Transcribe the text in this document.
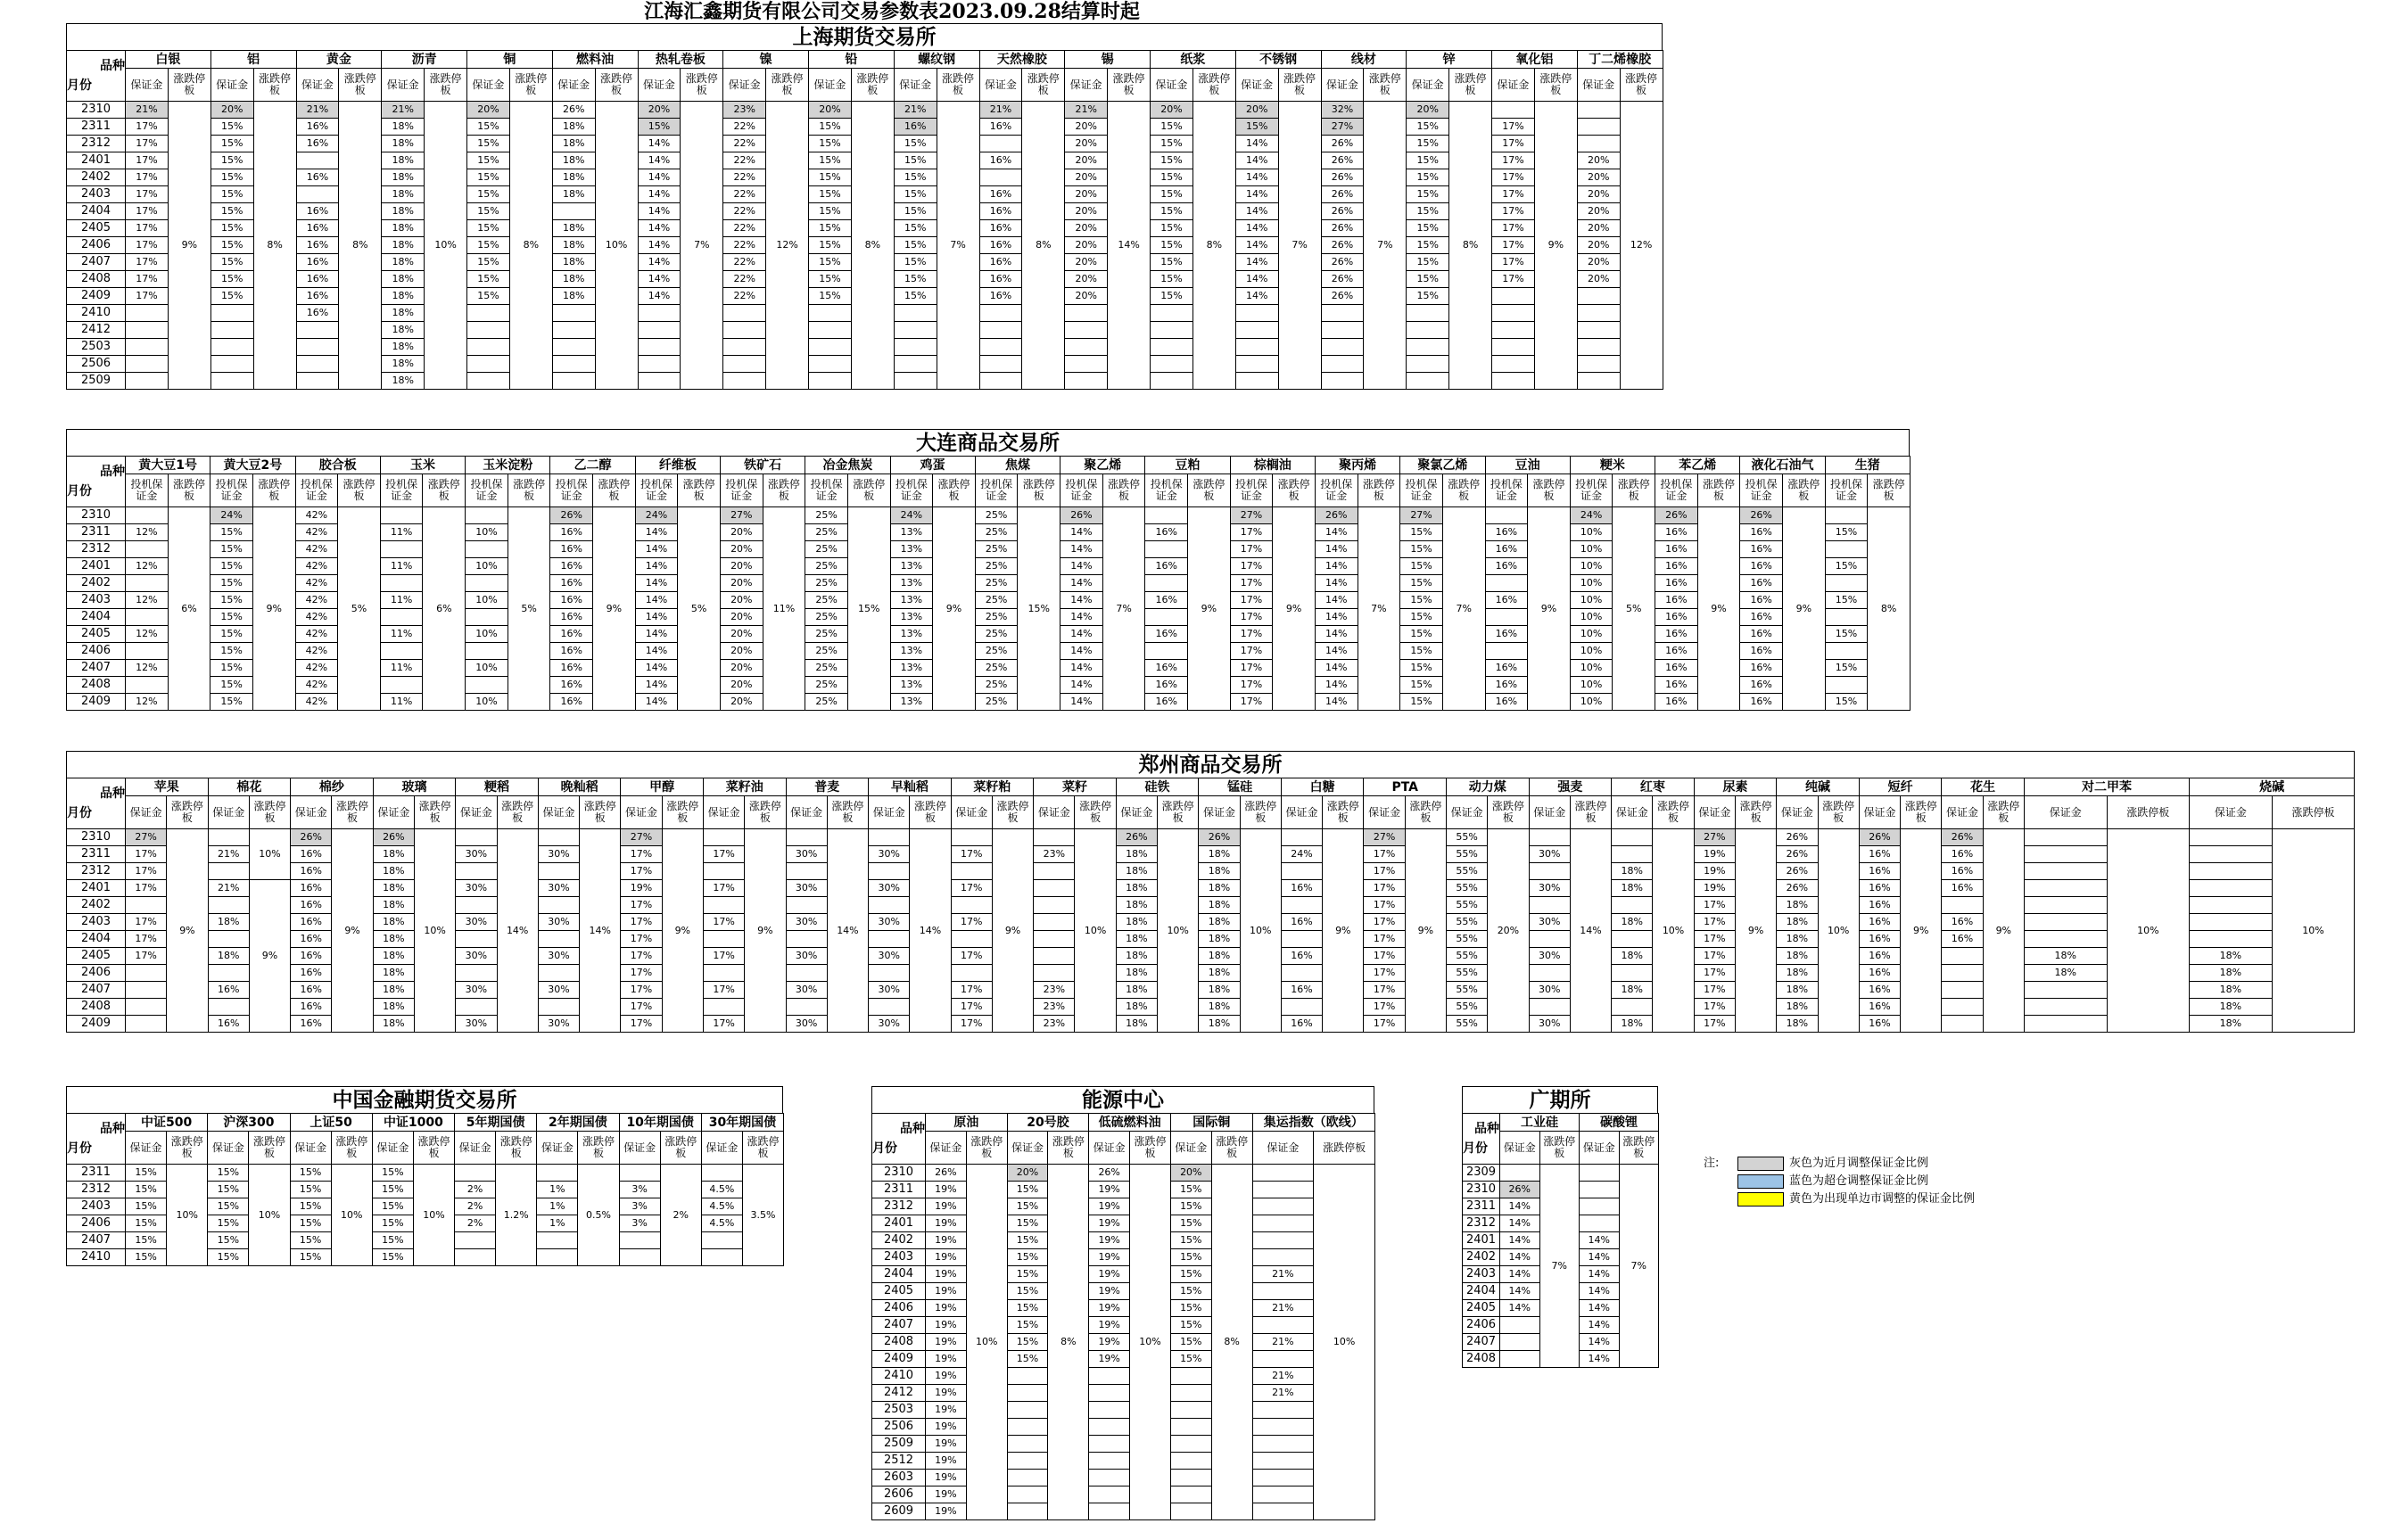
江海汇鑫期货有限公司交易参数表2023.09.28结算时起
注:	灰色为近月调整保证金比例
蓝色为超仓调整保证金比例
黄色为出现单边市调整的保证金比例
上海期货交易所
品种
月份	白银		铝		黄金		沥青		铜		燃料油		热轧卷板		镍		铅		螺纹钢		天然橡胶		锡		纸浆		不锈钢		线材		锌		氧化铝		丁二烯橡胶	
	保证金	涨跌停板	保证金	涨跌停板	保证金	涨跌停板	保证金	涨跌停板	保证金	涨跌停板	保证金	涨跌停板	保证金	涨跌停板	保证金	涨跌停板	保证金	涨跌停板	保证金	涨跌停板	保证金	涨跌停板	保证金	涨跌停板	保证金	涨跌停板	保证金	涨跌停板	保证金	涨跌停板	保证金	涨跌停板	保证金	涨跌停板	保证金	涨跌停板
2310	21%	9%	20%	8%	21%	8%	21%	10%	20%	8%	26%	10%	20%	7%	23%	12%	20%	8%	21%	7%	21%	8%	21%	14%	20%	8%	20%	7%	32%	7%	20%	8%		9%		12%
2311	17%		15%		16%		18%		15%		18%		15%		22%		15%		16%		16%		20%		15%		15%		27%		15%		17%			
2312	17%		15%		16%		18%		15%		18%		14%		22%		15%		15%				20%		15%		14%		26%		15%		17%			
2401	17%		15%				18%		15%		18%		14%		22%		15%		15%		16%		20%		15%		14%		26%		15%		17%		20%	
2402	17%		15%		16%		18%		15%		18%		14%		22%		15%		15%				20%		15%		14%		26%		15%		17%		20%	
2403	17%		15%				18%		15%		18%		14%		22%		15%		15%		16%		20%		15%		14%		26%		15%		17%		20%	
2404	17%		15%		16%		18%		15%				14%		22%		15%		15%		16%		20%		15%		14%		26%		15%		17%		20%	
2405	17%		15%		16%		18%		15%		18%		14%		22%		15%		15%		16%		20%		15%		14%		26%		15%		17%		20%	
2406	17%		15%		16%		18%		15%		18%		14%		22%		15%		15%		16%		20%		15%		14%		26%		15%		17%		20%	
2407	17%		15%		16%		18%		15%		18%		14%		22%		15%		15%		16%		20%		15%		14%		26%		15%		17%		20%	
2408	17%		15%		16%		18%		15%		18%		14%		22%		15%		15%		16%		20%		15%		14%		26%		15%		17%		20%	
2409	17%		15%		16%		18%		15%		18%		14%		22%		15%		15%		16%		20%		15%		14%		26%		15%					
2410					16%		18%																													
2412							18%																													
2503							18%																													
2506							18%																													
2509							18%																													
大连商品交易所
品种
月份	黄大豆1号		黄大豆2号		胶合板		玉米		玉米淀粉		乙二醇		纤维板		铁矿石		冶金焦炭		鸡蛋		焦煤		聚乙烯		豆粕		棕榈油		聚丙烯		聚氯乙烯		豆油		粳米		苯乙烯		液化石油气		生猪	
	投机保证金	涨跌停板	投机保证金	涨跌停板	投机保证金	涨跌停板	投机保证金	涨跌停板	投机保证金	涨跌停板	投机保证金	涨跌停板	投机保证金	涨跌停板	投机保证金	涨跌停板	投机保证金	涨跌停板	投机保证金	涨跌停板	投机保证金	涨跌停板	投机保证金	涨跌停板	投机保证金	涨跌停板	投机保证金	涨跌停板	投机保证金	涨跌停板	投机保证金	涨跌停板	投机保证金	涨跌停板	投机保证金	涨跌停板	投机保证金	涨跌停板	投机保证金	涨跌停板	投机保证金	涨跌停板
2310		6%	24%	9%	42%	5%		6%		5%	26%	9%	24%	5%	27%	11%	25%	15%	24%	9%	25%	15%	26%	7%		9%	27%	9%	26%	7%	27%	7%		9%	24%	5%	26%	9%	26%	9%		8%
2311	12%		15%		42%		11%		10%		16%		14%		20%		25%		13%		25%		14%		16%		17%		14%		15%		16%		10%		16%		16%		15%	
2312			15%		42%						16%		14%		20%		25%		13%		25%		14%				17%		14%		15%		16%		10%		16%		16%			
2401	12%		15%		42%		11%		10%		16%		14%		20%		25%		13%		25%		14%		16%		17%		14%		15%		16%		10%		16%		16%		15%	
2402			15%		42%						16%		14%		20%		25%		13%		25%		14%				17%		14%		15%				10%		16%		16%			
2403	12%		15%		42%		11%		10%		16%		14%		20%		25%		13%		25%		14%		16%		17%		14%		15%		16%		10%		16%		16%		15%	
2404			15%		42%						16%		14%		20%		25%		13%		25%		14%				17%		14%		15%				10%		16%		16%			
2405	12%		15%		42%		11%		10%		16%		14%		20%		25%		13%		25%		14%		16%		17%		14%		15%		16%		10%		16%		16%		15%	
2406			15%		42%						16%		14%		20%		25%		13%		25%		14%				17%		14%		15%				10%		16%		16%			
2407	12%		15%		42%		11%		10%		16%		14%		20%		25%		13%		25%		14%		16%		17%		14%		15%		16%		10%		16%		16%		15%	
2408			15%		42%						16%		14%		20%		25%		13%		25%		14%		16%		17%		14%		15%		16%		10%		16%		16%			
2409	12%		15%		42%		11%		10%		16%		14%		20%		25%		13%		25%		14%		16%		17%		14%		15%		16%		10%		16%		16%		15%	
郑州商品交易所
品种
月份	苹果		棉花		棉纱		玻璃		粳稻		晚籼稻		甲醇		菜籽油		普麦		早籼稻		菜籽粕		菜籽		硅铁		锰硅		白糖		PTA		动力煤		强麦		红枣		尿素		纯碱		短纤		花生		对二甲苯		烧碱	
	保证金	涨跌停板	保证金	涨跌停板	保证金	涨跌停板	保证金	涨跌停板	保证金	涨跌停板	保证金	涨跌停板	保证金	涨跌停板	保证金	涨跌停板	保证金	涨跌停板	保证金	涨跌停板	保证金	涨跌停板	保证金	涨跌停板	保证金	涨跌停板	保证金	涨跌停板	保证金	涨跌停板	保证金	涨跌停板	保证金	涨跌停板	保证金	涨跌停板	保证金	涨跌停板	保证金	涨跌停板	保证金	涨跌停板	保证金	涨跌停板	保证金	涨跌停板	保证金	涨跌停板	保证金	涨跌停板
2310	27%	9%		10%	26%	9%	26%	10%		14%		14%	27%	9%		9%		14%		14%		9%		10%	26%	10%	26%	10%		9%	27%	9%	55%	20%		14%		10%	27%	9%	26%	10%	26%	9%	26%	9%		10%		10%
2311	17%		21%		16%		18%		30%		30%		17%		17%		30%		30%		17%		23%		18%		18%		24%		17%		55%		30%				19%		26%		16%		16%					
2312	17%				16%		18%						17%												18%		18%				17%		55%				18%		19%		26%		16%		16%					
2401	17%		21%	9%	16%		18%		30%		30%		19%		17%		30%		30%		17%				18%		18%		16%		17%		55%		30%		18%		19%		26%		16%		16%					
2402					16%		18%						17%												18%		18%				17%		55%						17%		18%		16%							
2403	17%		18%		16%		18%		30%		30%		17%		17%		30%		30%		17%				18%		18%		16%		17%		55%		30%		18%		17%		18%		16%		16%					
2404	17%				16%		18%						17%												18%		18%				17%		55%						17%		18%		16%		16%					
2405	17%		18%		16%		18%		30%		30%		17%		17%		30%		30%		17%				18%		18%		16%		17%		55%		30%		18%		17%		18%		16%				18%		18%	
2406					16%		18%						17%												18%		18%				17%		55%						17%		18%		16%				18%		18%	
2407			16%		16%		18%		30%		30%		17%		17%		30%		30%		17%		23%		18%		18%		16%		17%		55%		30%		18%		17%		18%		16%						18%	
2408					16%		18%						17%								17%		23%		18%		18%				17%		55%						17%		18%		16%						18%	
2409			16%		16%		18%		30%		30%		17%		17%		30%		30%		17%		23%		18%		18%		16%		17%		55%		30%		18%		17%		18%		16%						18%	
中国金融期货交易所
品种
月份	中证500		沪深300		上证50		中证1000		5年期国债		2年期国债		10年期国债		30年期国债	
	保证金	涨跌停板	保证金	涨跌停板	保证金	涨跌停板	保证金	涨跌停板	保证金	涨跌停板	保证金	涨跌停板	保证金	涨跌停板	保证金	涨跌停板
2311	15%	10%	15%	10%	15%	10%	15%	10%		1.2%		0.5%		2%		3.5%
2312	15%		15%		15%		15%		2%		1%		3%		4.5%	
2403	15%		15%		15%		15%		2%		1%		3%		4.5%	
2406	15%		15%		15%		15%		2%		1%		3%		4.5%	
2407	15%		15%		15%		15%									
2410	15%		15%		15%		15%									
能源中心
品种
月份	原油		20号胶		低硫燃料油		国际铜		集运指数（欧线）	
	保证金	涨跌停板	保证金	涨跌停板	保证金	涨跌停板	保证金	涨跌停板	保证金	涨跌停板
2310	26%	10%	20%	8%	26%	10%	20%	8%		10%
2311	19%		15%		19%		15%			
2312	19%		15%		19%		15%			
2401	19%		15%		19%		15%			
2402	19%		15%		19%		15%			
2403	19%		15%		19%		15%			
2404	19%		15%		19%		15%		21%	
2405	19%		15%		19%		15%			
2406	19%		15%		19%		15%		21%	
2407	19%		15%		19%		15%			
2408	19%		15%		19%		15%		21%	
2409	19%		15%		19%		15%			
2410	19%								21%	
2412	19%								21%	
2503	19%									
2506	19%									
2509	19%									
2512	19%									
2603	19%									
2606	19%									
2609	19%									
广期所
品种
月份	工业硅		碳酸锂	
	保证金	涨跌停板	保证金	涨跌停板
2309		7%		7%
2310	26%			
2311	14%			
2312	14%			
2401	14%		14%	
2402	14%		14%	
2403	14%		14%	
2404	14%		14%	
2405	14%		14%	
2406			14%	
2407			14%	
2408			14%	
